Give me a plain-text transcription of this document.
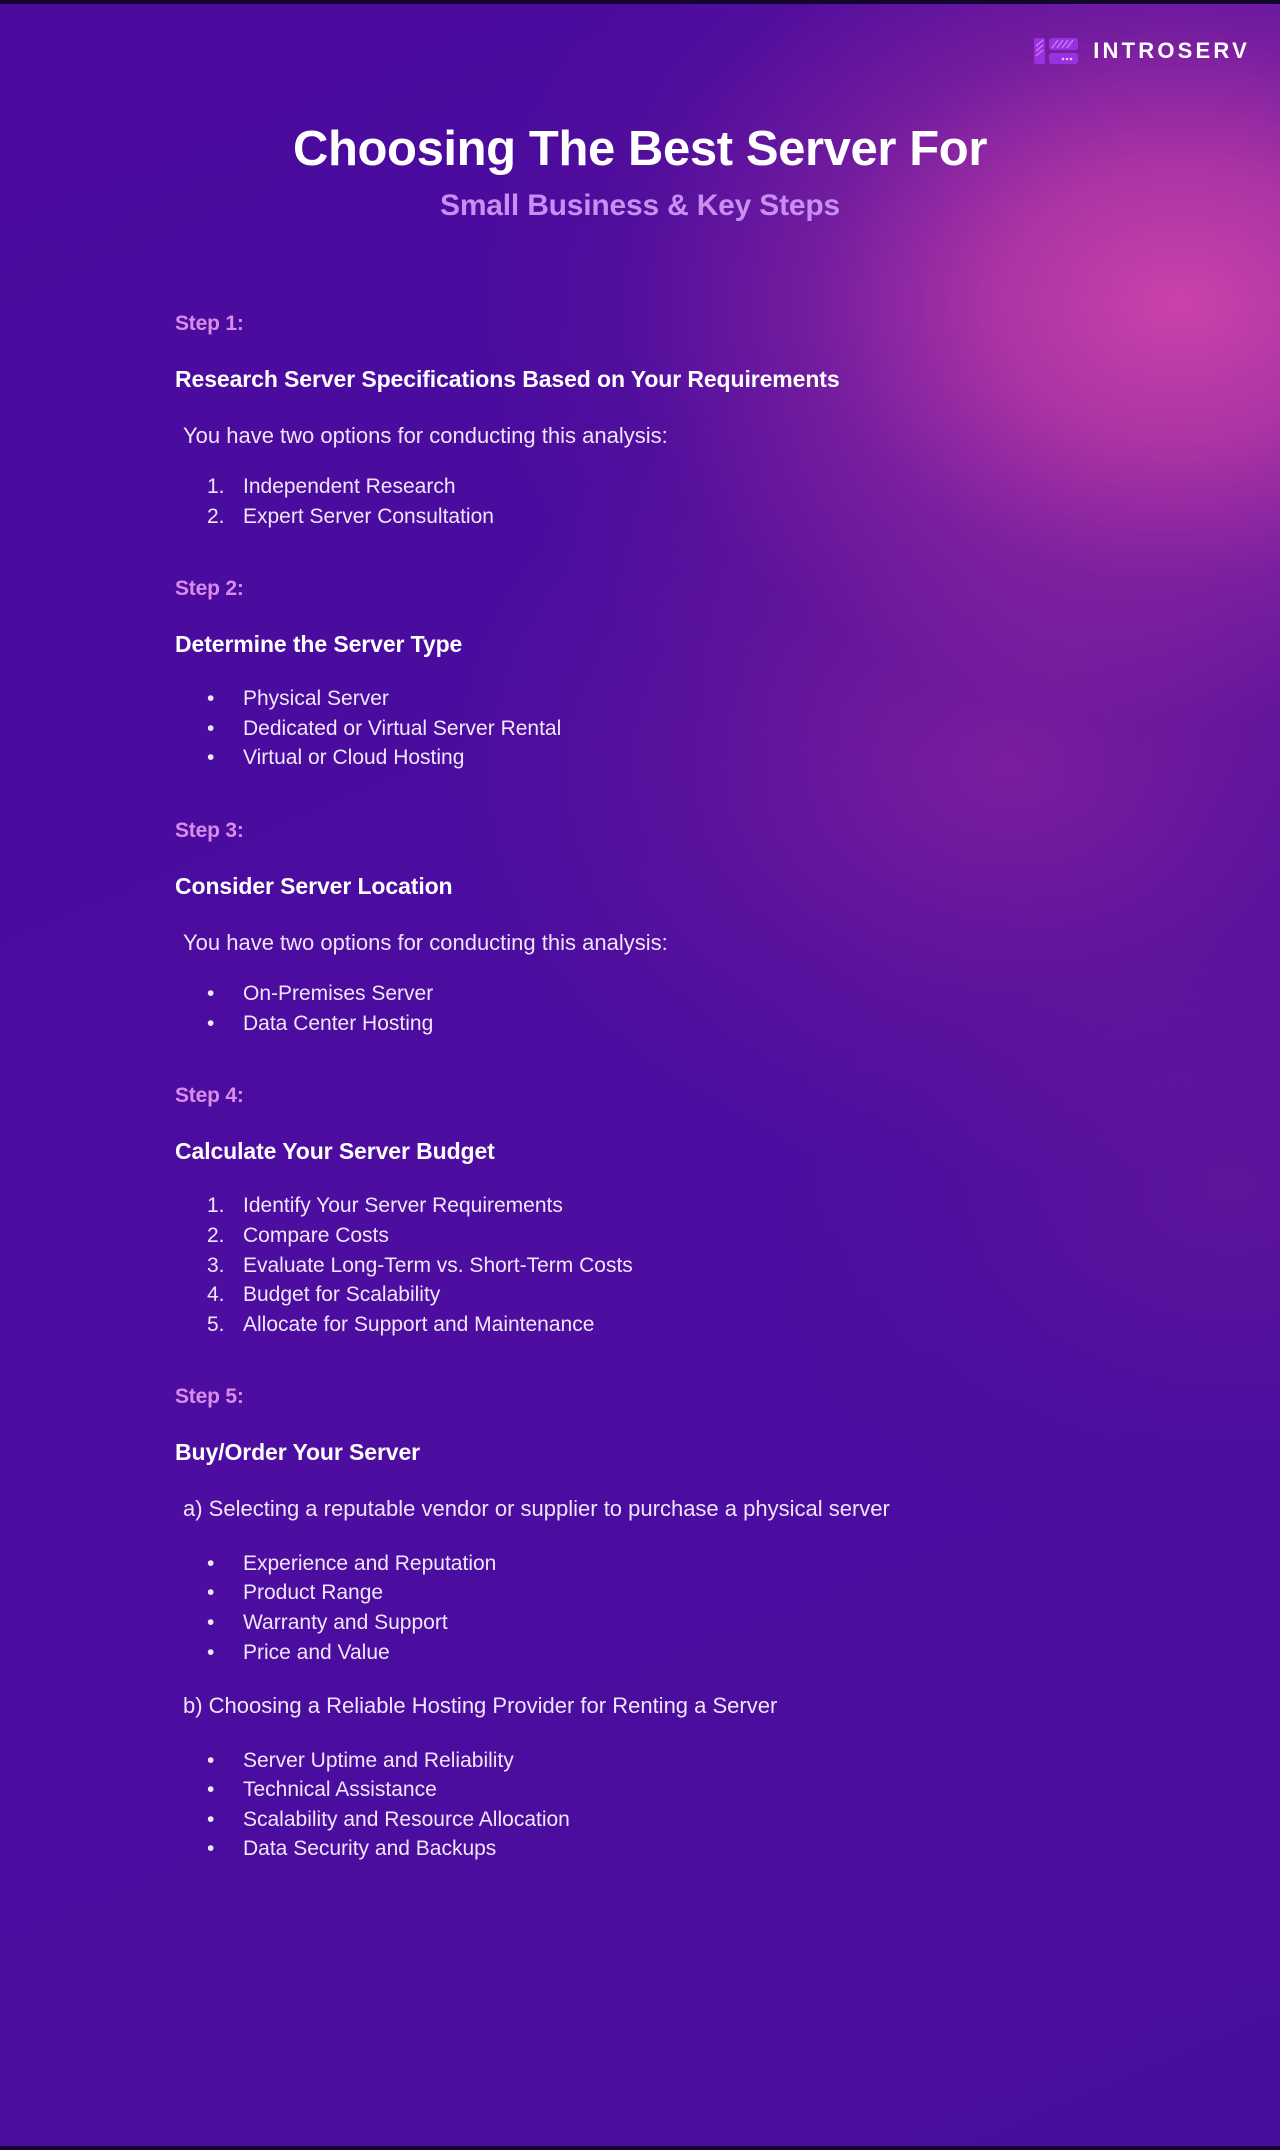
INTROSERV
Choosing The Best Server For
Small Business & Key Steps
Step 1:
Research Server Specifications Based on Your Requirements
You have two options for conducting this analysis:
1. Independent Research
2. Expert Server Consultation
Step 2:
Determine the Server Type
•	Physical Server
•	Dedicated or Virtual Server Rental
•	Virtual or Cloud Hosting
Step 3:
Consider Server Location
You have two options for conducting this analysis:
•	On-Premises Server
•	Data Center Hosting
Step 4:
Calculate Your Server Budget
1. Identify Your Server Requirements
2. Compare Costs
3. Evaluate Long-Term vs. Short-Term Costs
4. Budget for Scalability
5. Allocate for Support and Maintenance
Step 5:
Buy/Order Your Server
a) Selecting a reputable vendor or supplier to purchase a physical server
•	Experience and Reputation
•	Product Range
•	Warranty and Support
•	Price and Value
b) Choosing a Reliable Hosting Provider for Renting a Server
•	Server Uptime and Reliability
•	Technical Assistance
•	Scalability and Resource Allocation
•	Data Security and Backups
